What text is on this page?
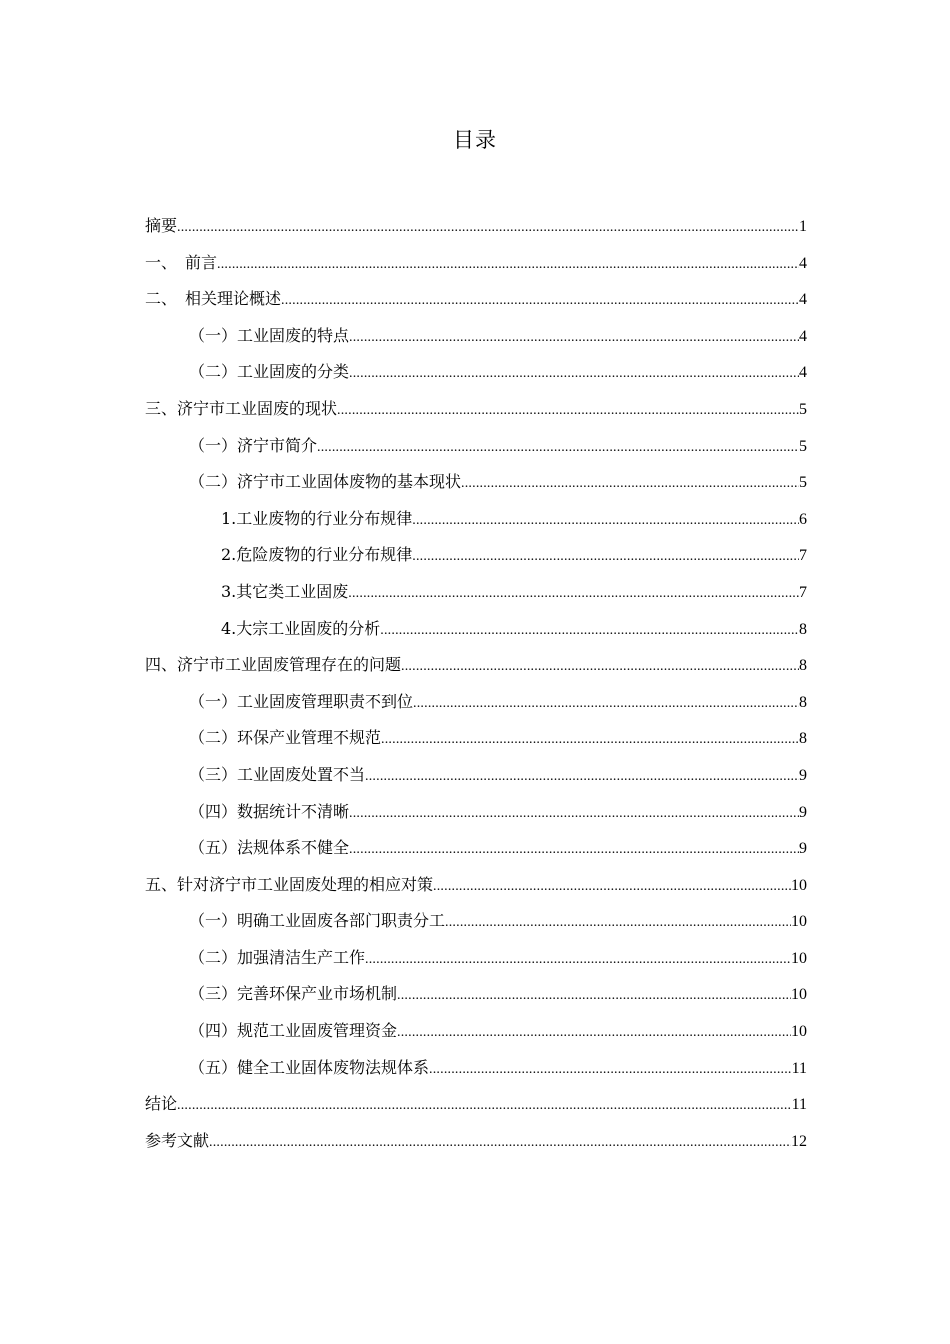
目录
摘要 .....	1
一、　前言 .....	4
二、　相关理论概述 .....	4
（一）工业固废的特点 .....	4
（二）工业固废的分类 .....	4
三、济宁市工业固废的现状 .....	5
（一）济宁市简介 .....	5
（二）济宁市工业固体废物的基本现状 .....	5
1.工业废物的行业分布规律 .....	6
2.危险废物的行业分布规律 .....	7
3.其它类工业固废 .....	7
4.大宗工业固废的分析 .....	8
四、济宁市工业固废管理存在的问题 .....	8
（一）工业固废管理职责不到位 .....	8
（二）环保产业管理不规范 .....	8
（三）工业固废处置不当 .....	9
（四）数据统计不清晰 .....	9
（五）法规体系不健全 .....	9
五、针对济宁市工业固废处理的相应对策 .....	10
（一）明确工业固废各部门职责分工 .....	10
（二）加强清洁生产工作 .....	10
（三）完善环保产业市场机制 .....	10
（四）规范工业固废管理资金 .....	10
（五）健全工业固体废物法规体系 .....	11
结论 .....	11
参考文献 .....	12
